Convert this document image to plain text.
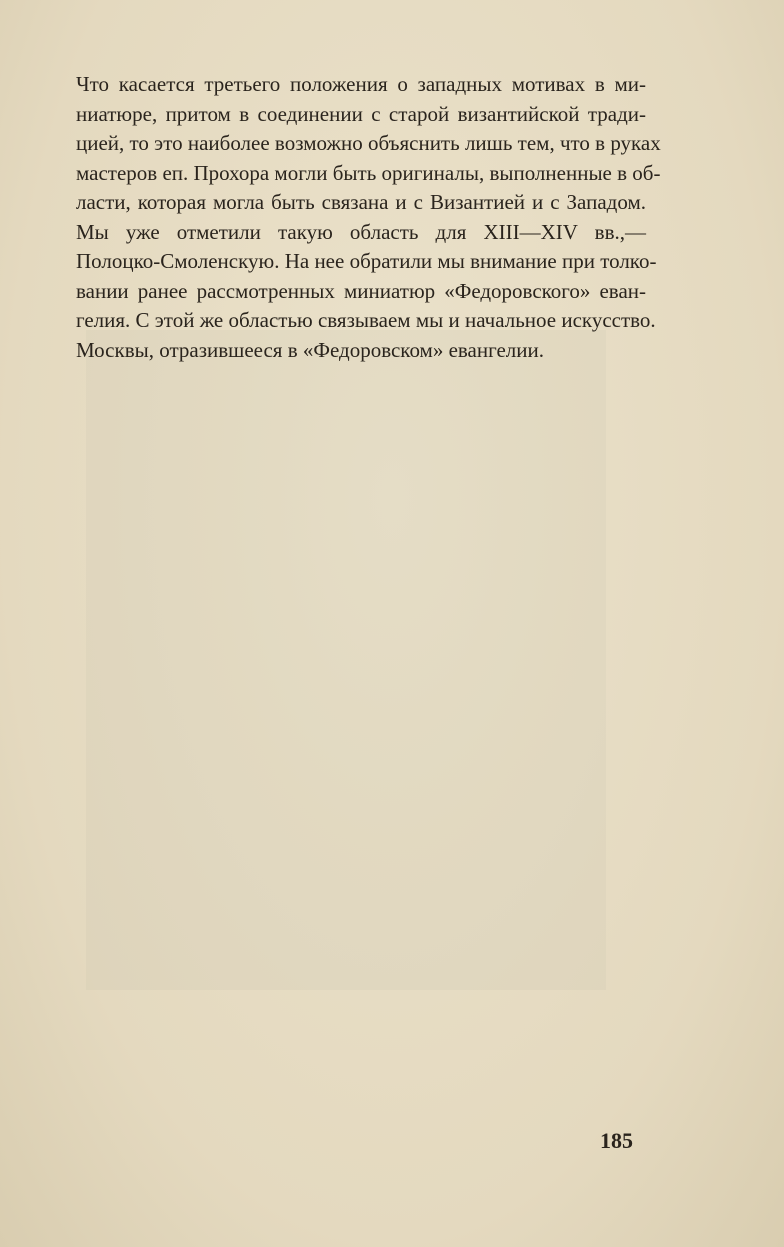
Что касается третьего положения о западных мотивах в ми-
ниатюре, притом в соединении с старой византийской тради-
цией, то это наиболее возможно объяснить лишь тем, что в руках
мастеров еп. Прохора могли быть оригиналы, выполненные в об-
ласти, которая могла быть связана и с Византией и с Западом.

Мы уже отметили такую область для XIII—XIV вв.,—
Полоцко-Смоленскую. На нее обратили мы внимание при толко-
вании ранее рассмотренных миниатюр «Федоровского» еван-
гелия. С этой же областью связываем мы и начальное искусство.
Москвы, отразившееся в «Федоровском» евангелии.

185
